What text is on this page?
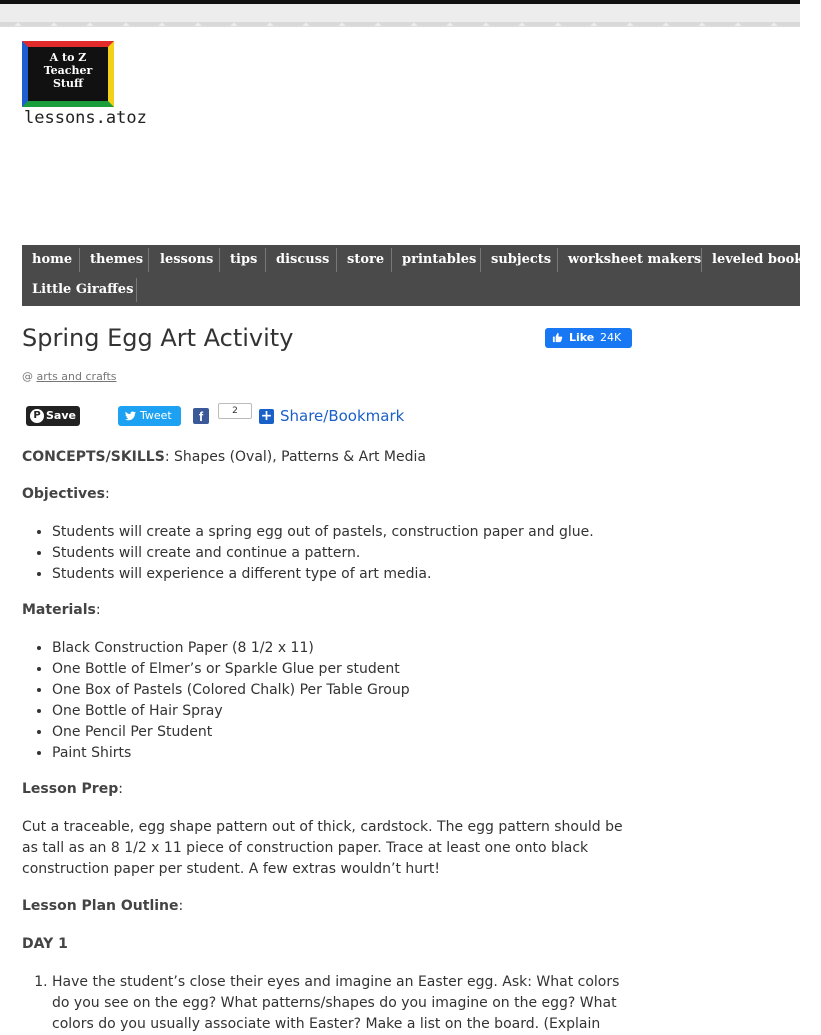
A to Z
Teacher
Stuff
lessons.atoz
home	themes	lessons	tips	discuss	store	printables	subjects	worksheet makers leveled books
Little Giraffes
Spring Egg Art Activity	Like 24K
@ arts and crafts
P Save	Tweet	f	2	+ Share/Bookmark

CONCEPTS/SKILLS: Shapes (Oval), Patterns & Art Media

Objectives:

• Students will create a spring egg out of pastels, construction paper and glue.
• Students will create and continue a pattern.
• Students will experience a different type of art media.

Materials:

• Black Construction Paper (8 1/2 x 11)
• One Bottle of Elmer’s or Sparkle Glue per student
• One Box of Pastels (Colored Chalk) Per Table Group
• One Bottle of Hair Spray
• One Pencil Per Student
• Paint Shirts

Lesson Prep:

Cut a traceable, egg shape pattern out of thick, cardstock. The egg pattern should be as tall as an 8 1/2 x 11 piece of construction paper. Trace at least one onto black construction paper per student. A few extras wouldn’t hurt!

Lesson Plan Outline:

DAY 1

1. Have the student’s close their eyes and imagine an Easter egg. Ask: What colors do you see on the egg? What patterns/shapes do you imagine on the egg? What colors do you usually associate with Easter? Make a list on the board. (Explain
